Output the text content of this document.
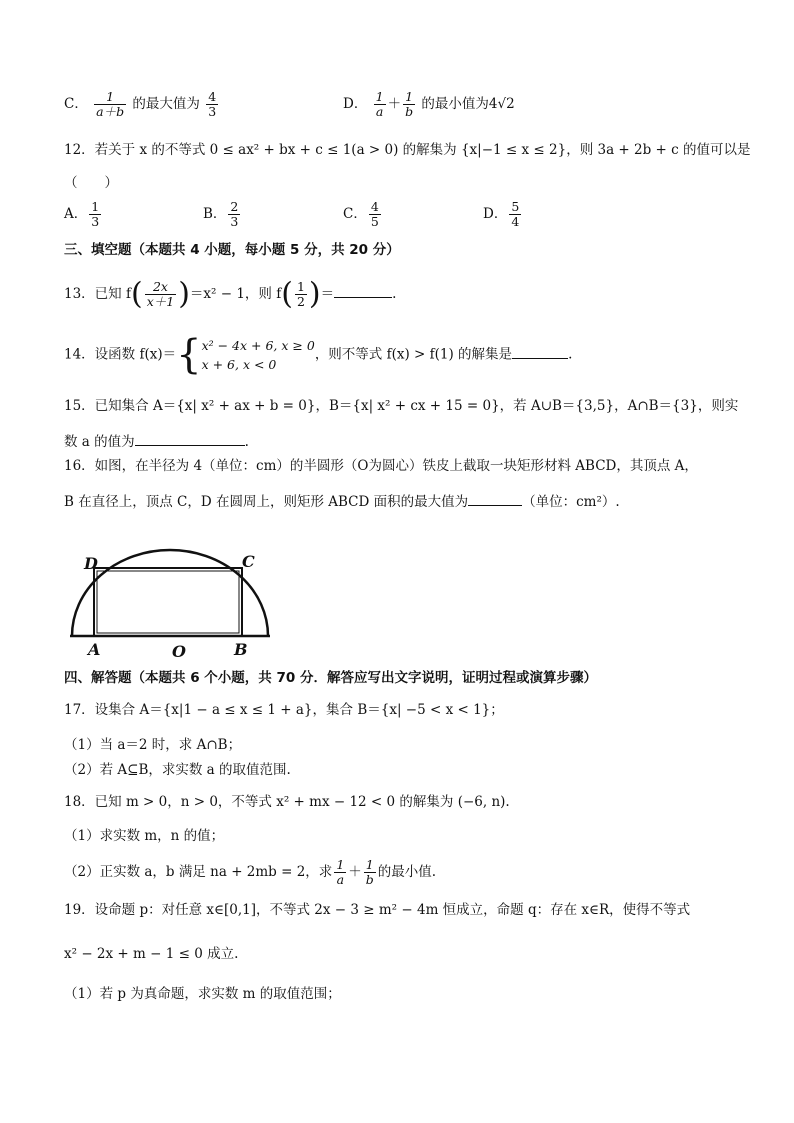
C． $\frac{1}{a+b}$ 的最大值为 $\frac{4}{3}$	D． $\frac{1}{a} + \frac{1}{b}$ 的最小值为4√2
12．若关于 x 的不等式 0 ≤ ax² + bx + c ≤ 1(a > 0) 的解集为 {x|−1 ≤ x ≤ 2}，则 3a + 2b + c 的值可以是
（　　）
A． $\frac{1}{3}$	B． $\frac{2}{3}$	C． $\frac{4}{5}$	D． $\frac{5}{4}$
三、填空题（本题共 4 小题，每小题 5 分，共 20 分）
13．已知 $f( \frac{2x}{x+1} )=x^2 - 1$，则 $f( \frac{1}{2}$ )＝	.
14．设函数 f(x)＝{ x² − 4x + 6, x ≥ 0
x + 6, x < 0
，则不等式 f(x) > f(1) 的解集是	.
15．已知集合 A＝{x| x² + ax + b = 0}，B＝{x| x² + cx + 15 = 0}，若 A∪B＝{3,5}，A∩B＝{3}，则实
数 a 的值为	.
16．如图，在半径为 4（单位：cm）的半圆形（O为圆心）铁皮上截取一块矩形材料 ABCD，其顶点 A，
B 在直径上，顶点 C，D 在圆周上，则矩形 ABCD 面积的最大值为	（单位：cm²）.
D	C
A	O	B
四、解答题（本题共 6 个小题，共 70 分．解答应写出文字说明，证明过程或演算步骤）
17．设集合 A＝{x|1 − a ≤ x ≤ 1 + a}，集合 B＝{x| −5 < x < 1}；
（1）当 a＝2 时，求 A∩B；
（2）若 A⊆B，求实数 a 的取值范围.
18．已知 m > 0，n > 0，不等式 x² + mx − 12 < 0 的解集为 (−6, n).
（1）求实数 m，n 的值；
（2）正实数 a，b 满足 na + 2mb = 2，求 $\frac{1}{a} + \frac{1}{b}$ 的最小值.
19．设命题 p：对任意 x∈[0,1]，不等式 2x − 3 ≥ m² − 4m 恒成立，命题 q：存在 x∈R，使得不等式
x² − 2x + m − 1 ≤ 0 成立.
（1）若 p 为真命题，求实数 m 的取值范围；
